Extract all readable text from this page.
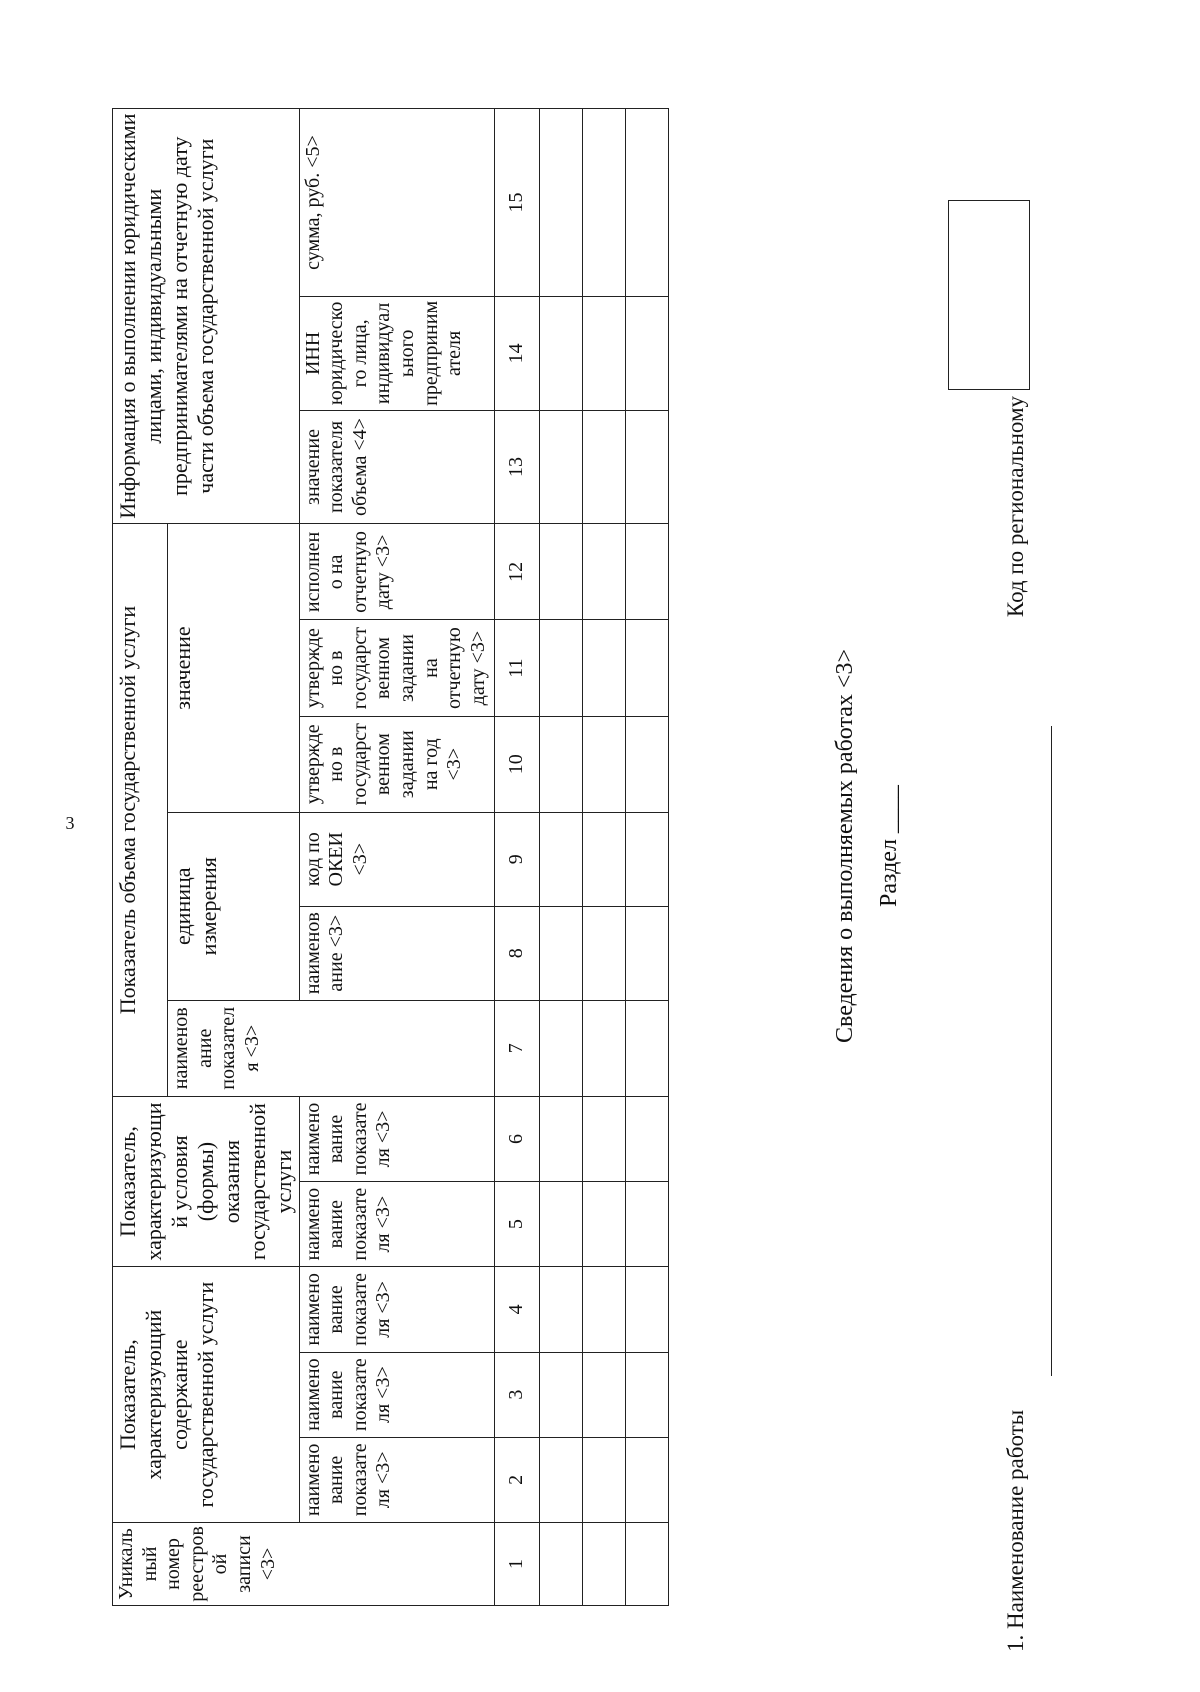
3
Уникальный номер реестровой записи <3>	Показатель, характеризующий содержание государственной услуги			Показатель, характеризующий условия (формы) оказания государственной услуги		Показатель объема государственной услуги						Информация о выполнении юридическими лицами, индивидуальными предпринимателями на отчетную дату части объема государственной услуги		
						наименование показателя <3>	единица измерения		значение					
	наименование показателя <3>	наименование показателя <3>	наименование показателя <3>	наименование показателя <3>	наименование показателя <3>		наименование <3>	код по ОКЕИ <3>	утверждено в государственном задании на год <3>	утверждено в государственном задании на отчетную дату <3>	исполнено на отчетную дату <3>	значение показателя объема <4>	ИНН юридического лица, индивидуального предпринимателя	сумма, руб. <5>
1	2	3	4	5	6	7	8	9	10	11	12	13	14	15

Сведения о выполняемых работах <3> Раздел ____
1. Наименование работы
Код по региональному
